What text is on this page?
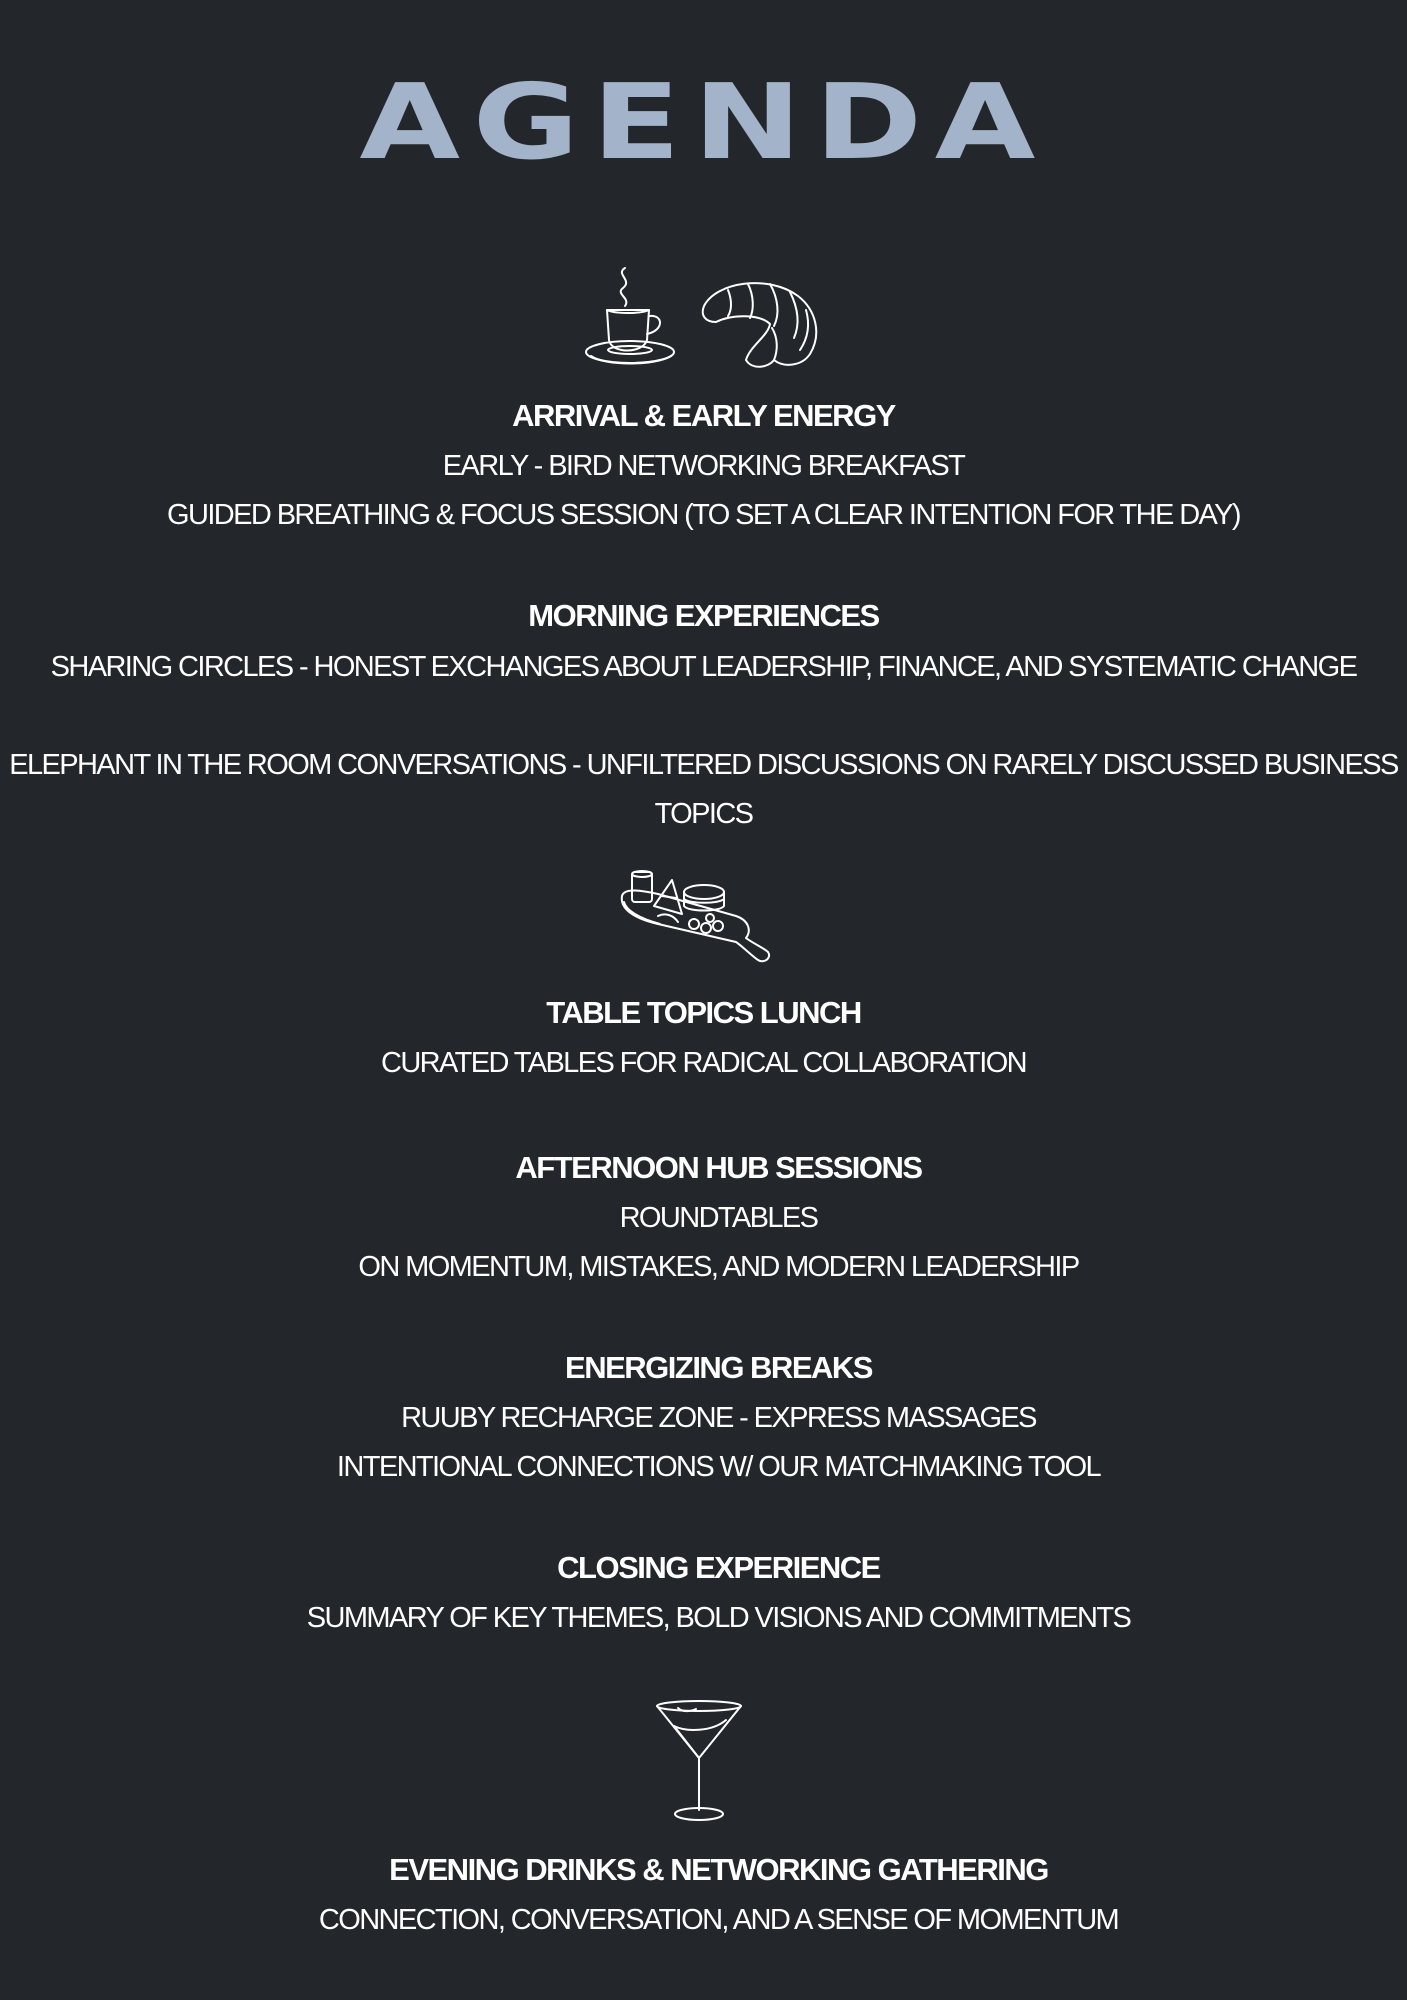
AGENDA
ARRIVAL & EARLY ENERGY
EARLY - BIRD NETWORKING BREAKFAST
GUIDED BREATHING & FOCUS SESSION (TO SET A CLEAR INTENTION FOR THE DAY)
MORNING EXPERIENCES
SHARING CIRCLES - HONEST EXCHANGES ABOUT LEADERSHIP, FINANCE, AND SYSTEMATIC CHANGE
ELEPHANT IN THE ROOM CONVERSATIONS - UNFILTERED DISCUSSIONS ON RARELY DISCUSSED BUSINESS
TOPICS
TABLE TOPICS LUNCH
CURATED TABLES FOR RADICAL COLLABORATION
AFTERNOON HUB SESSIONS
ROUNDTABLES
ON MOMENTUM, MISTAKES, AND MODERN LEADERSHIP
ENERGIZING BREAKS
RUUBY RECHARGE ZONE - EXPRESS MASSAGES
INTENTIONAL CONNECTIONS W/ OUR MATCHMAKING TOOL
CLOSING EXPERIENCE
SUMMARY OF KEY THEMES, BOLD VISIONS AND COMMITMENTS
EVENING DRINKS & NETWORKING GATHERING
CONNECTION, CONVERSATION, AND A SENSE OF MOMENTUM
